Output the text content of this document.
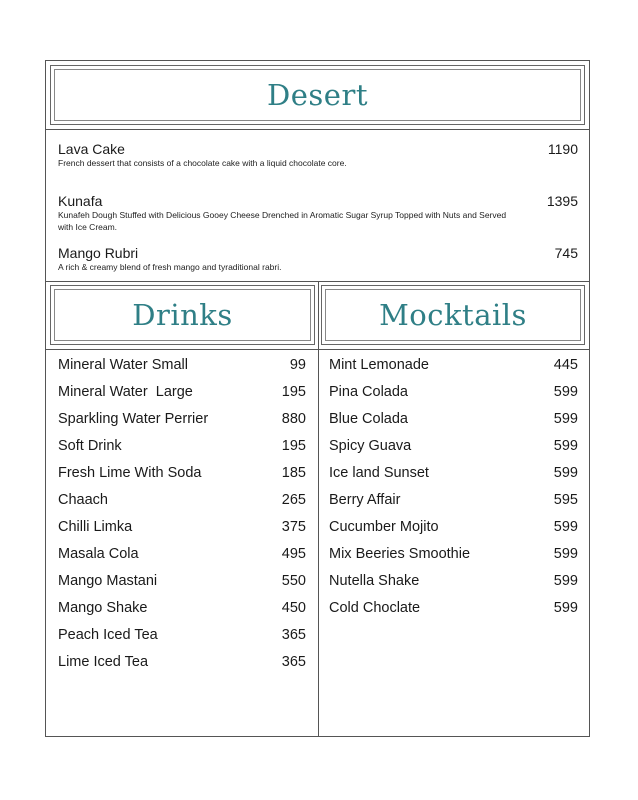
Desert
Lava Cake
French dessert that consists of a chocolate cake with a liquid chocolate core.
1190
Kunafa
Kunafeh Dough Stuffed with Delicious Gooey Cheese Drenched in Aromatic Sugar Syrup Topped with Nuts and Served with Ice Cream.
1395
Mango Rubri
A rich & creamy blend of fresh mango and tyraditional rabri.
745
Drinks	Mocktails
Mineral Water Small	99
Mineral Water  Large	195
Sparkling Water Perrier	880
Soft Drink	195
Fresh Lime With Soda	185
Chaach	265
Chilli Limka	375
Masala Cola	495
Mango Mastani	550
Mango Shake	450
Peach Iced Tea	365
Lime Iced Tea	365
Mint Lemonade	445
Pina Colada	599
Blue Colada	599
Spicy Guava	599
Ice land Sunset	599
Berry Affair	595
Cucumber Mojito	599
Mix Beeries Smoothie	599
Nutella Shake	599
Cold Choclate	599
